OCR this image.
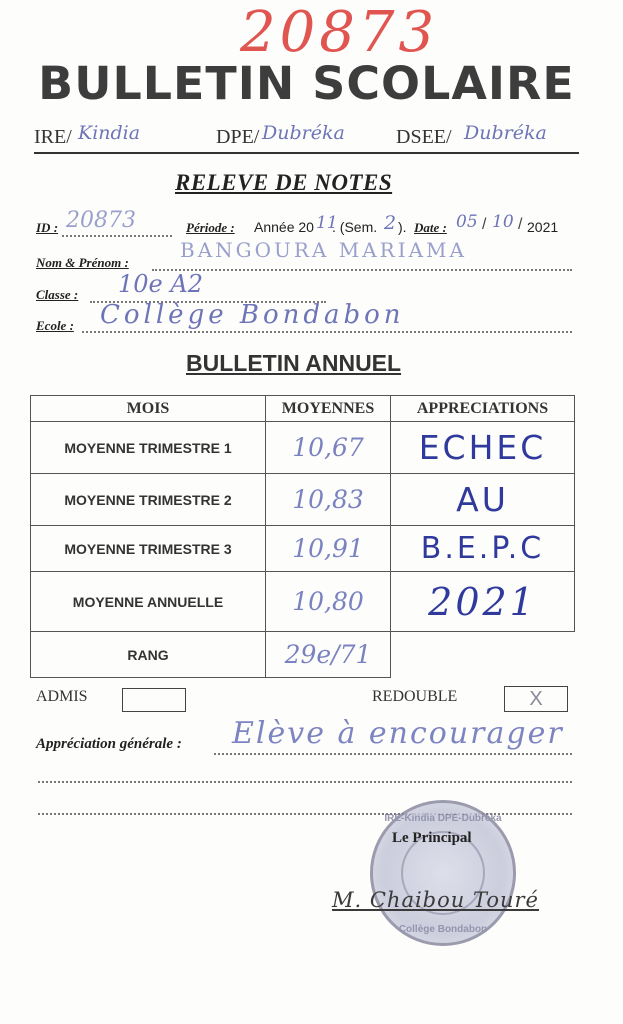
20873
BULLETIN SCOLAIRE
IRE/ Kindia	DPE/ Dubréka	DSEE/ Dubréka
RELEVE DE NOTES
ID : 20873	Période : Année 20 11
. (Sem. 2 ). Date : 05 / 10 / 2021
Nom & Prénom :
BANGOURA MARIAMA
Classe : 10e A2
Ecole : Collège Bondabon
BULLETIN ANNUEL
MOIS	MOYENNES	APPRECIATIONS
MOYENNE TRIMESTRE 1	10,67	ECHEC
MOYENNE TRIMESTRE 2	10,83	AU
MOYENNE TRIMESTRE 3	10,91	B.E.P.C
MOYENNE ANNUELLE	10,80	2021
RANG	29e/71	
ADMIS	REDOUBLE	X
Appréciation générale : Elève à encourager
IRE-Kindia DPE-Dubréka
Collège Bondabon
Le Principal
M. Chaibou Touré
